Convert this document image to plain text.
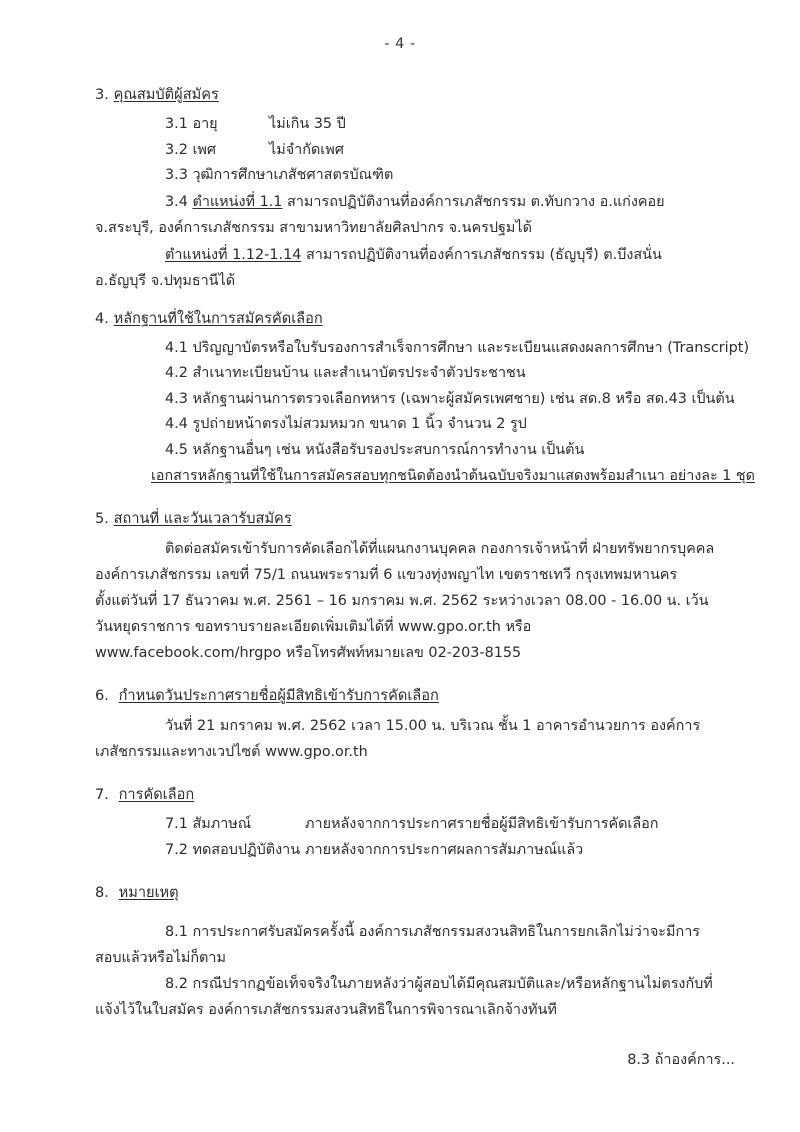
- 4 -
3. คุณสมบัติผู้สมัคร
3.1 อายุ	ไม่เกิน 35 ปี
3.2 เพศ	ไม่จำกัดเพศ
3.3 วุฒิการศึกษาเภสัชศาสตรบัณฑิต

3.4 ตำแหน่งที่ 1.1 สามารถปฏิบัติงานที่องค์การเภสัชกรรม ต.ทับกวาง อ.แก่งคอย จ.สระบุรี, องค์การเภสัชกรรม สาขามหาวิทยาลัยศิลปากร จ.นครปฐมได้

ตำแหน่งที่ 1.12-1.14 สามารถปฏิบัติงานที่องค์การเภสัชกรรม (ธัญบุรี) ต.บึงสนั่น อ.ธัญบุรี จ.ปทุมธานีได้

4. หลักฐานที่ใช้ในการสมัครคัดเลือก
4.1 ปริญญาบัตรหรือใบรับรองการสำเร็จการศึกษา และระเบียนแสดงผลการศึกษา (Transcript)
4.2 สำเนาทะเบียนบ้าน และสำเนาบัตรประจำตัวประชาชน
4.3 หลักฐานผ่านการตรวจเลือกทหาร (เฉพาะผู้สมัครเพศชาย) เช่น สด.8 หรือ สด.43 เป็นต้น
4.4 รูปถ่ายหน้าตรงไม่สวมหมวก ขนาด 1 นิ้ว จำนวน 2 รูป
4.5 หลักฐานอื่นๆ เช่น หนังสือรับรองประสบการณ์การทำงาน เป็นต้น
เอกสารหลักฐานที่ใช้ในการสมัครสอบทุกชนิดต้องนำต้นฉบับจริงมาแสดงพร้อมสำเนา อย่างละ 1 ชุด
5. สถานที่ และวันเวลารับสมัคร

ติดต่อสมัครเข้ารับการคัดเลือกได้ที่แผนกงานบุคคล กองการเจ้าหน้าที่ ฝ่ายทรัพยากรบุคคล องค์การเภสัชกรรม เลขที่ 75/1 ถนนพระรามที่ 6 แขวงทุ่งพญาไท เขตราชเทวี กรุงเทพมหานคร ตั้งแต่วันที่ 17 ธันวาคม พ.ศ. 2561 – 16 มกราคม พ.ศ. 2562 ระหว่างเวลา 08.00 - 16.00 น. เว้นวันหยุดราชการ ขอทราบรายละเอียดเพิ่มเติมได้ที่ www.gpo.or.th หรือ www.facebook.com/hrgpo หรือโทรศัพท์หมายเลข 02-203-8155

6. กำหนดวันประกาศรายชื่อผู้มีสิทธิเข้ารับการคัดเลือก

วันที่ 21 มกราคม พ.ศ. 2562 เวลา 15.00 น. บริเวณ ชั้น 1 อาคารอำนวยการ องค์การเภสัชกรรมและทางเวปไซต์ www.gpo.or.th

7. การคัดเลือก
7.1 สัมภาษณ์	ภายหลังจากการประกาศรายชื่อผู้มีสิทธิเข้ารับการคัดเลือก
7.2 ทดสอบปฏิบัติงาน ภายหลังจากการประกาศผลการสัมภาษณ์แล้ว
8. หมายเหตุ

8.1 การประกาศรับสมัครครั้งนี้ องค์การเภสัชกรรมสงวนสิทธิในการยกเลิกไม่ว่าจะมีการสอบแล้วหรือไม่ก็ตาม

8.2 กรณีปรากฏข้อเท็จจริงในภายหลังว่าผู้สอบได้มีคุณสมบัติและ/หรือหลักฐานไม่ตรงกับที่แจ้งไว้ในใบสมัคร องค์การเภสัชกรรมสงวนสิทธิในการพิจารณาเลิกจ้างทันที

8.3 ถ้าองค์การ...
